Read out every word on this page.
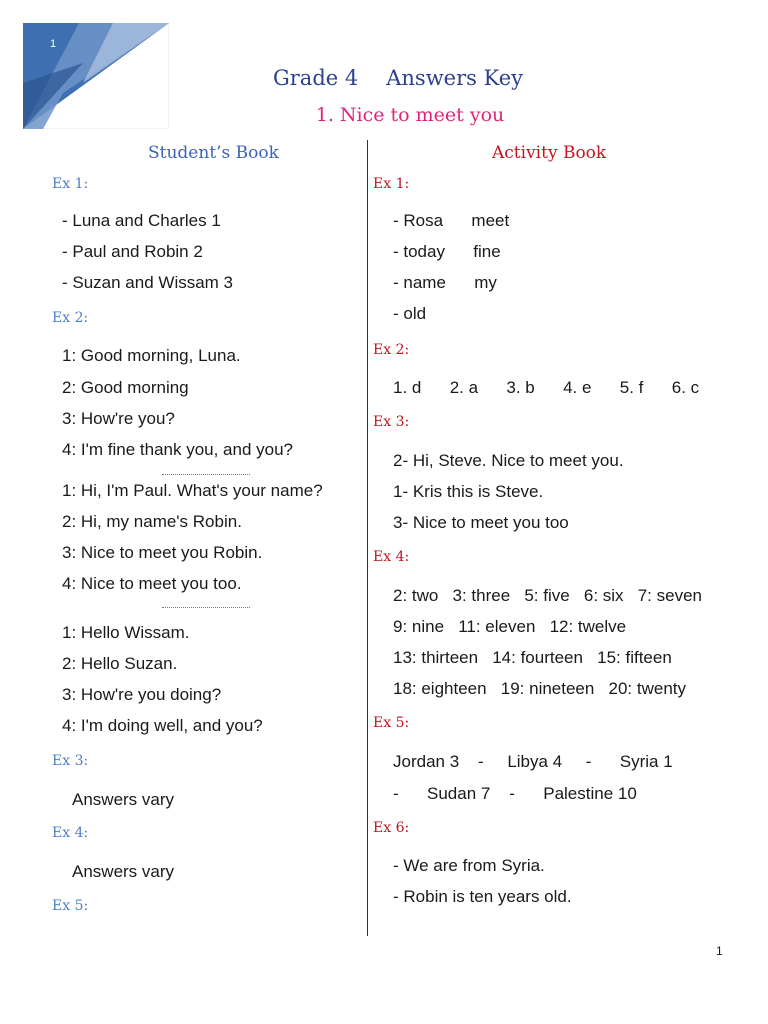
1
Grade 4 Answers Key
1. Nice to meet you
Student’s Book
Ex 1:
- Luna and Charles 1
- Paul and Robin 2
- Suzan and Wissam 3
Ex 2:
1: Good morning, Luna.
2: Good morning
3: How're you?
4: I'm fine thank you, and you?
1: Hi, I'm Paul. What's your name?
2: Hi, my name's Robin.
3: Nice to meet you Robin.
4: Nice to meet you too.
1: Hello Wissam.
2: Hello Suzan.
3: How're you doing?
4: I'm doing well, and you?
Ex 3:
Answers vary
Ex 4:
Answers vary
Ex 5:
Activity Book
Ex 1:
- Rosa      meet
- today      fine
- name      my
- old
Ex 2:
1. d      2. a      3. b      4. e      5. f      6. c
Ex 3:
2- Hi, Steve. Nice to meet you.
1- Kris this is Steve.
3- Nice to meet you too
Ex 4:
2: two   3: three   5: five   6: six   7: seven
9: nine   11: eleven   12: twelve
13: thirteen   14: fourteen   15: fifteen
18: eighteen   19: nineteen   20: twenty
Ex 5:
Jordan 3    -     Libya 4     -      Syria 1
-      Sudan 7    -      Palestine 10
Ex 6:
- We are from Syria.
- Robin is ten years old.
1
